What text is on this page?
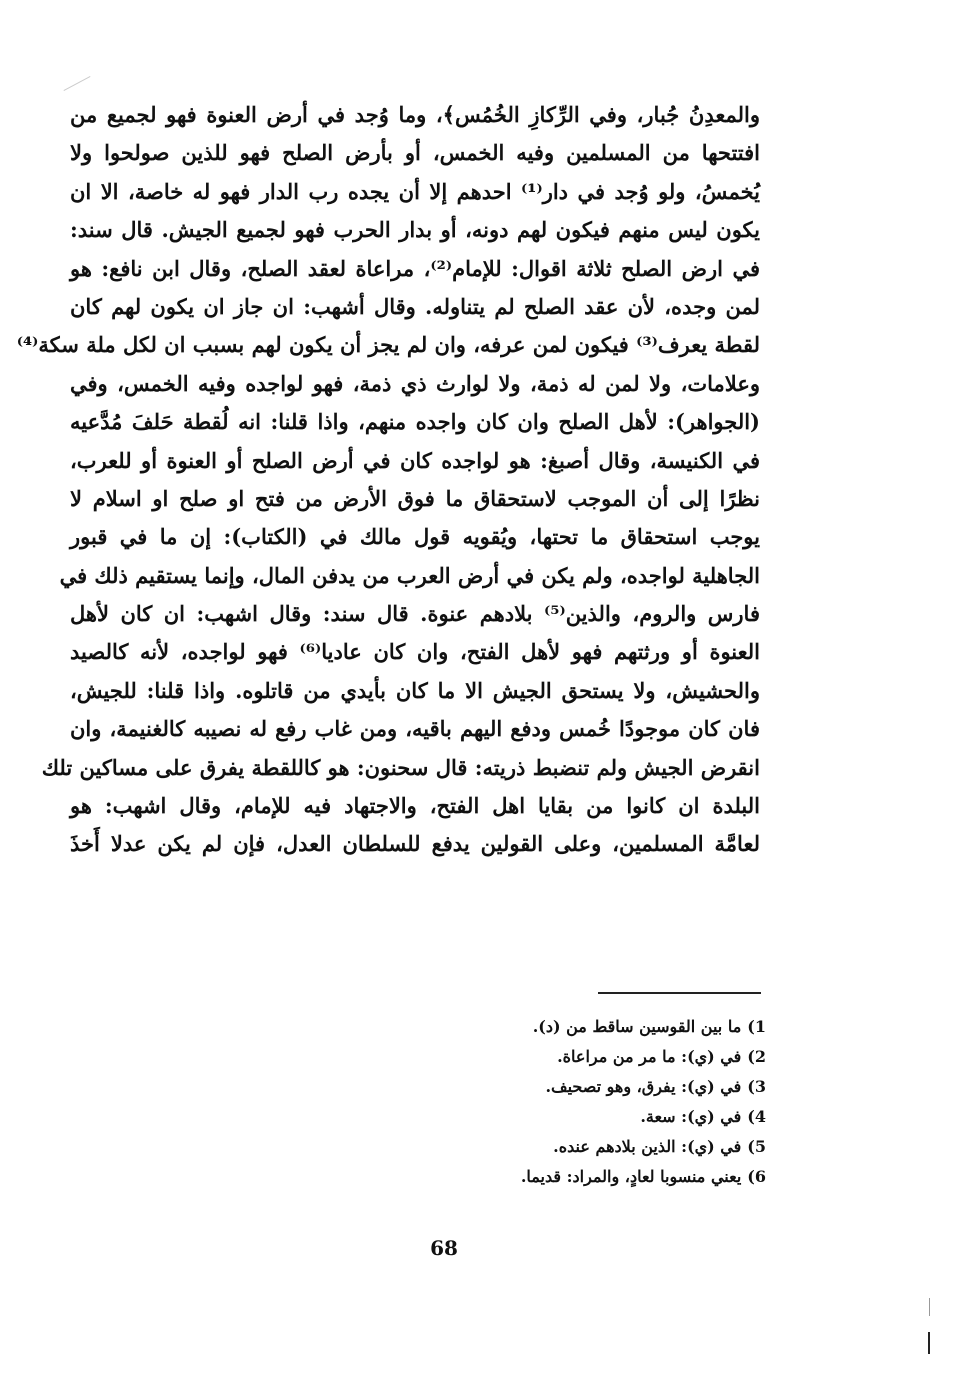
والمعدِنُ جُبار، وفي الرِّكازِ الخُمُس﴾، وما وُجد في أرض العنوة فهو لجميع من
افتتحها من المسلمين وفيه الخمس، أو بأرض الصلح فهو للذين صولحوا ولا
يُخمسُ، ولو وُجد في دار⁽¹⁾ احدهم إلا أن يجده رب الدار فهو له خاصة، الا ان
يكون ليس منهم فيكون لهم دونه، أو بدار الحرب فهو لجميع الجيش. قال سند:
في ارض الصلح ثلاثة اقوال: للإمام⁽²⁾، مراعاة لعقد الصلح، وقال ابن نافع: هو
لمن وجده، لأن عقد الصلح لم يتناوله. وقال أشهب: ان جاز ان يكون لهم كان
لقطة يعرف⁽³⁾ فيكون لمن عرفه، وان لم يجز أن يكون لهم بسبب ان لكل ملة سكة⁽⁴⁾
وعلامات، ولا لمن له ذمة، ولا لوارث ذي ذمة، فهو لواجده وفيه الخمس، وفي
(الجواهر): لأهل الصلح وان كان واجده منهم، واذا قلنا: انه لُقطة حَلفَ مُدَّعيه
في الكنيسة، وقال أصبغ: هو لواجده كان في أرض الصلح أو العنوة أو للعرب،
نظرًا إلى أن الموجب لاستحقاق ما فوق الأرض من فتح او صلح او اسلام لا
يوجب استحقاق ما تحتها، ويُقويه قول مالك في (الكتاب): إن ما في قبور
الجاهلية لواجده، ولم يكن في أرض العرب من يدفن المال، وإنما يستقيم ذلك في
فارس والروم، والذين⁽⁵⁾ بلادهم عنوة. قال سند: وقال اشهب: ان كان لأهل
العنوة أو ورثتهم فهو لأهل الفتح، وان كان عاديا⁽⁶⁾ فهو لواجده، لأنه كالصيد
والحشيش، ولا يستحق الجيش الا ما كان بأيدي من قاتلوه. واذا قلنا: للجيش،
فان كان موجودًا خُمس ودفع اليهم باقيه، ومن غاب رفع له نصيبه كالغنيمة، وان
انقرض الجيش ولم تنضبط ذريته: قال سحنون: هو كاللقطة يفرق على مساكين تلك
البلدة ان كانوا من بقايا اهل الفتح، والاجتهاد فيه للإمام، وقال اشهب: هو
لعامَّة المسلمين، وعلى القولين يدفع للسلطان العدل، فإن لم يكن عدلا أَخذَ
1)ما بين القوسين ساقط من (د).
2)في (ي): ما مر من مراعاة.
3)في (ي): يفرق، وهو تصحيف.
4)في (ي): سعة.
5)في (ي): الذين بلادهم عنده.
6)يعني منسوبا لعادٍ، والمراد: قديما.
68
